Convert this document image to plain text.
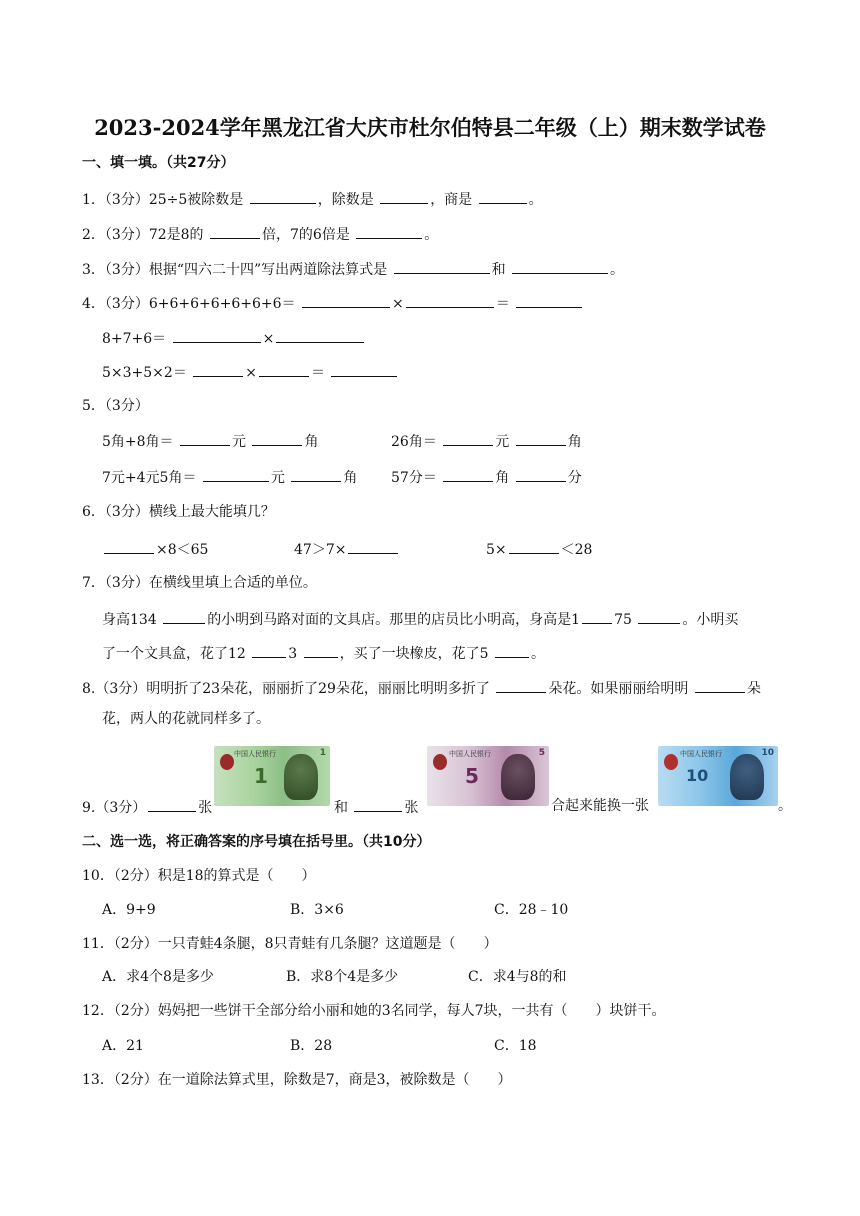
2023-2024学年黑龙江省大庆市杜尔伯特县二年级（上）期末数学试卷
一、填一填。（共27分）
1．（3分）25÷5被除数是	，除数是	，商是	。
2．（3分）72是8的	倍，7的6倍是	。
3．（3分）根据“四六二十四”写出两道除法算式是	和	。
4．（3分）6+6+6+6+6+6+6＝	×	＝
8+7+6＝	×
5×3+5×2＝	×	＝
5．（3分）
5角+8角＝	元	角	26角＝	元	角
7元+4元5角＝	元	角 57分＝	角	分
6．（3分）横线上最大能填几？
×8＜65	47＞7×	5×	＜28
7．（3分）在横线里填上合适的单位。
身高134	的小明到马路对面的文具店。那里的店员比小明高，身高是1 75	。小明买
了一个文具盒，花了12	3	，买了一块橡皮，花了5	。
8.（3分）明明折了23朵花，丽丽折了29朵花，丽丽比明明多折了	朵花。如果丽丽给明明	朵
花，两人的花就同样多了。
中国人民银行
1
1	中国人民银行
5
5	中国人民银行
10
10
9.（3分）	张	和	张	合起来能换一张	。
二、选一选，将正确答案的序号填在括号里。（共10分）
10．（2分）积是18的算式是（　　）
A．9+9	B．3×6	C．28﹣10
11．（2分）一只青蛙4条腿，8只青蛙有几条腿？这道题是（　　）
A．求4个8是多少	B．求8个4是多少	C．求4与8的和
12．（2分）妈妈把一些饼干全部分给小丽和她的3名同学，每人7块，一共有（　　）块饼干。
A．21	B．28	C．18
13．（2分）在一道除法算式里，除数是7，商是3，被除数是（　　）
